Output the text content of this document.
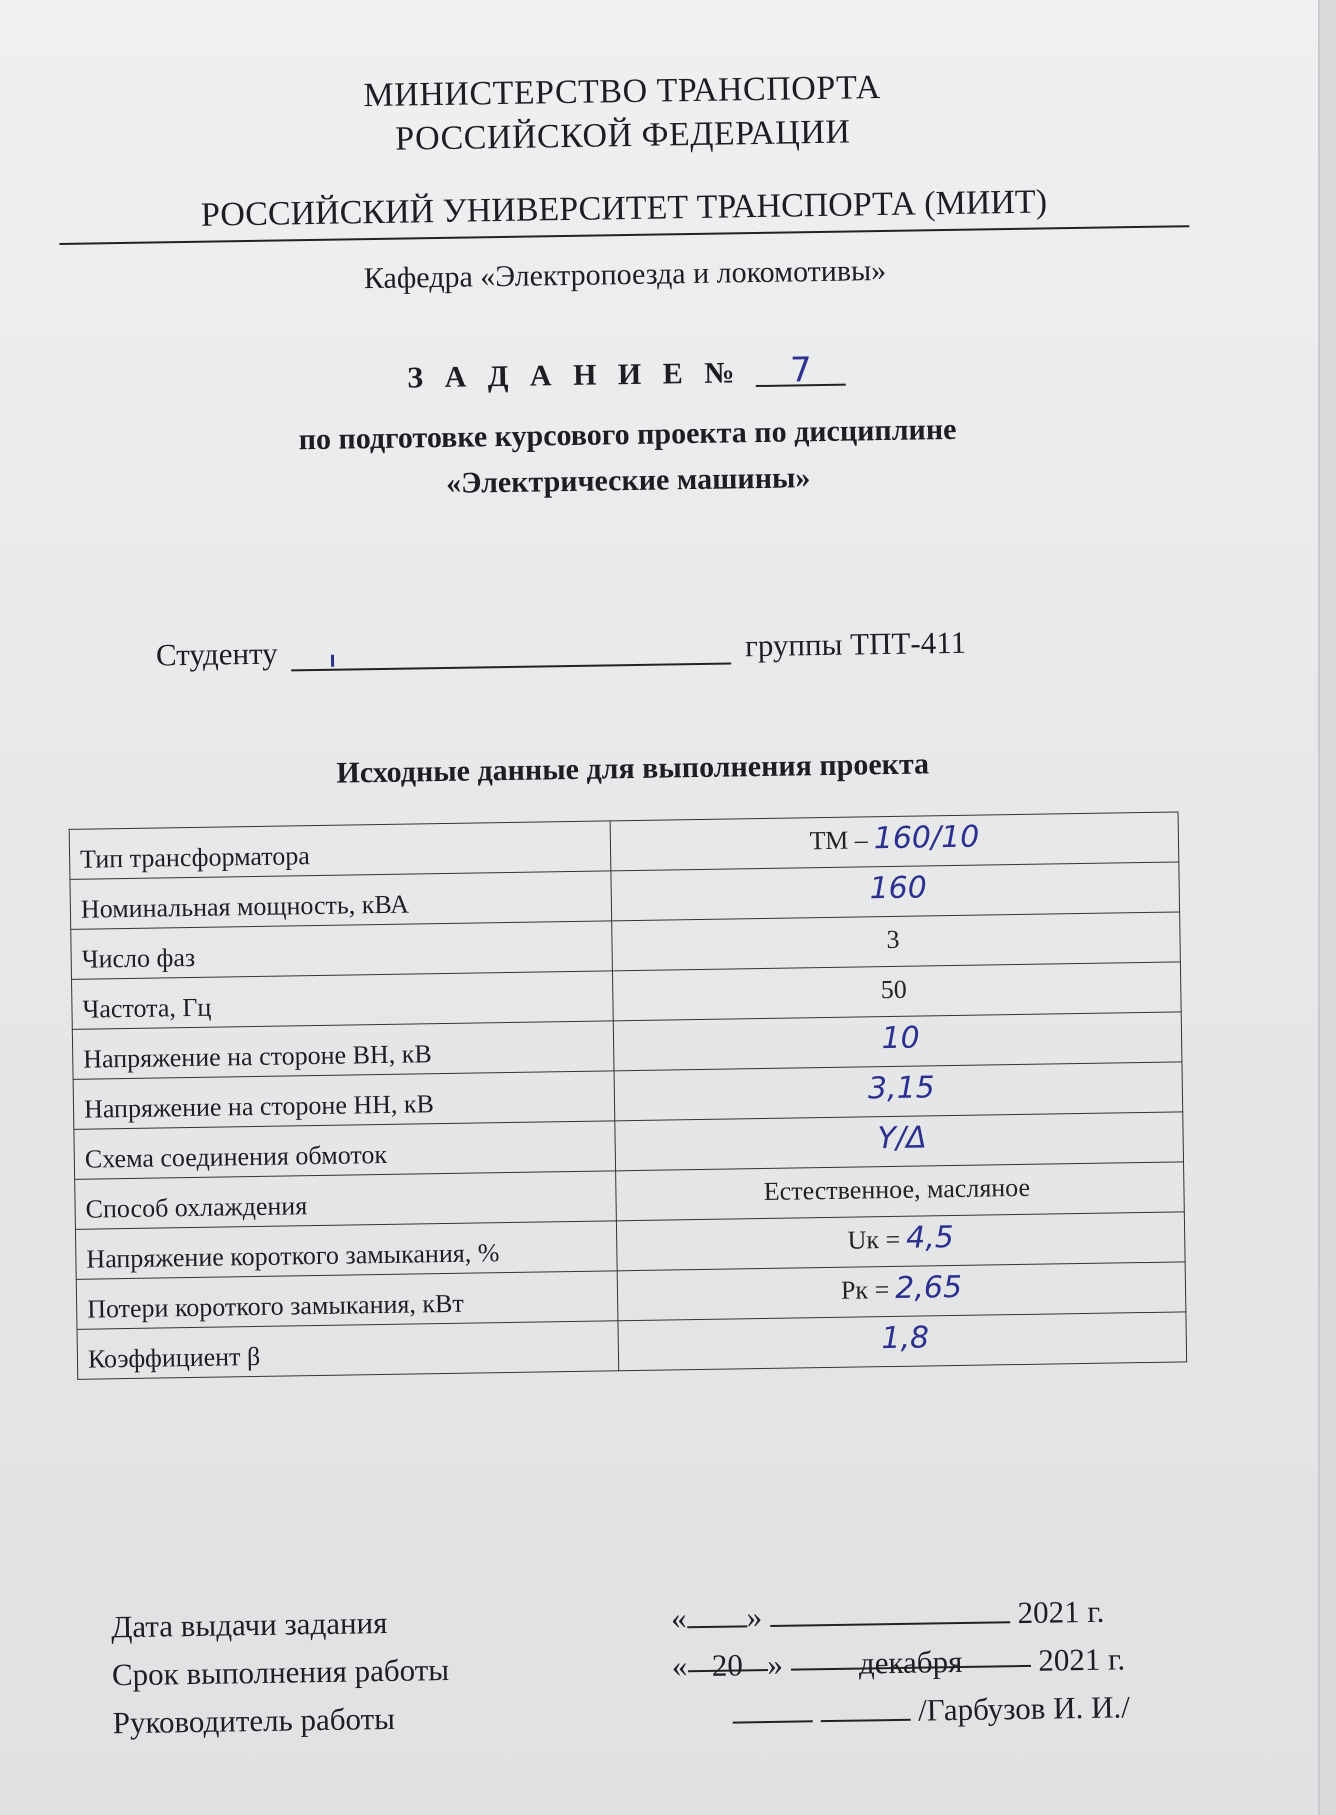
МИНИСТЕРСТВО ТРАНСПОРТА
РОССИЙСКОЙ ФЕДЕРАЦИИ
РОССИЙСКИЙ УНИВЕРСИТЕТ ТРАНСПОРТА (МИИТ)
Кафедра «Электропоезда и локомотивы»
З А Д А Н И Е № 7
по подготовке курсового проекта по дисциплине
«Электрические машины»
Студенту	группы ТПТ-411
Исходные данные для выполнения проекта
Тип трансформатора	ТМ – 160/10
Номинальная мощность, кВА	160
Число фаз	3
Частота, Гц	50
Напряжение на стороне ВН, кВ	10
Напряжение на стороне НН, кВ	3,15
Схема соединения обмоток	Y/Δ
Способ охлаждения	Естественное, масляное
Напряжение короткого замыкания, %	Uк = 4,5
Потери короткого замыкания, кВт	Pк = 2,65
Коэффициент β	1,8
Дата выдачи задания	« »	2021 г.
Срок выполнения работы	« 20 » декабря 2021 г.
Руководитель работы	/Гарбузов И. И./
